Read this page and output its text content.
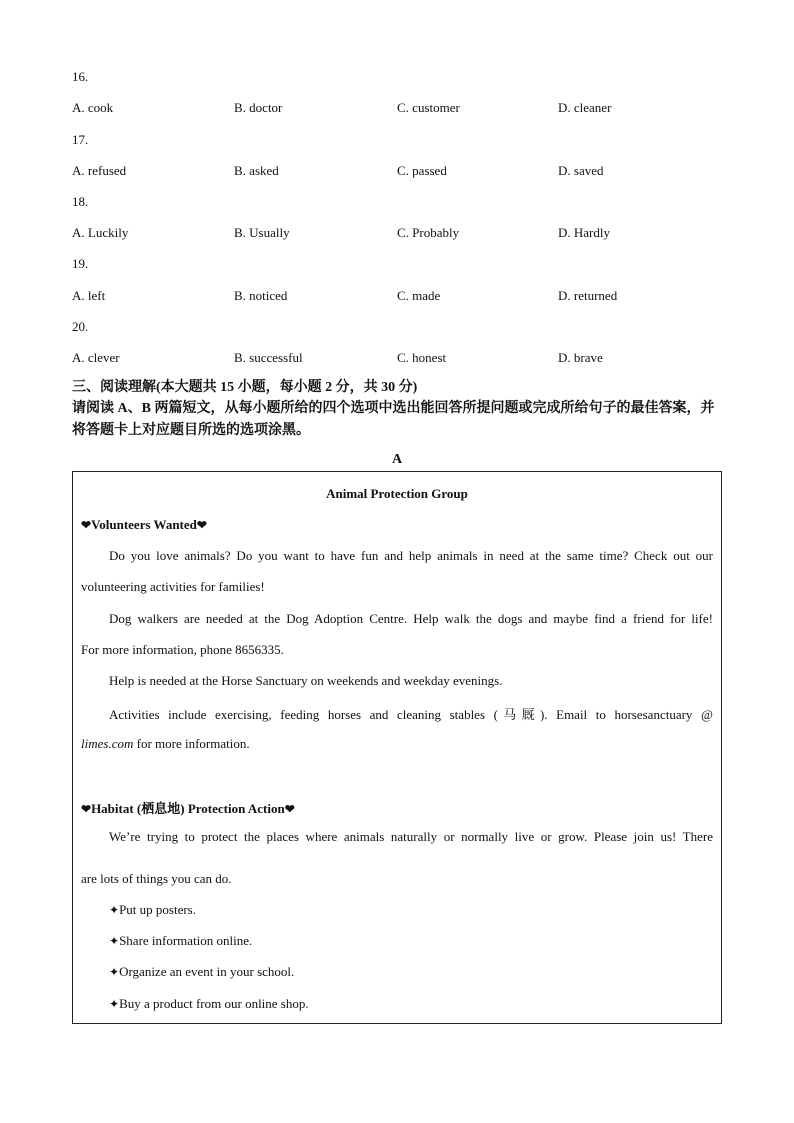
16.
A. cook	B. doctor	C. customer	D. cleaner
17.
A. refused	B. asked	C. passed	D. saved
18.
A. Luckily	B. Usually	C. Probably	D. Hardly
19.
A. left	B. noticed	C. made	D. returned
20.
A. clever	B. successful	C. honest	D. brave
三、阅读理解(本大题共 15 小题，每小题 2 分，共 30 分)
请阅读 A、B 两篇短文，从每小题所给的四个选项中选出能回答所提问题或完成所给句子的最佳答案，并将答题卡上对应题目所选的选项涂黑。
A
Animal Protection Group
❤Volunteers Wanted❤
Do you love animals? Do you want to have fun and help animals in need at the same time? Check out our
volunteering activities for families!
Dog walkers are needed at the Dog Adoption Centre. Help walk the dogs and maybe find a friend for life!
For more information, phone 8656335.
Help is needed at the Horse Sanctuary on weekends and weekday evenings.
Activities include exercising, feeding horses and cleaning stables (马厩). Email to horsesanctuary @
limes.com for more information.
❤Habitat (栖息地) Protection Action❤
We’re trying to protect the places where animals naturally or normally live or grow. Please join us! There
are lots of things you can do.
✦Put up posters.
✦Share information online.
✦Organize an event in your school.
✦Buy a product from our online shop.
